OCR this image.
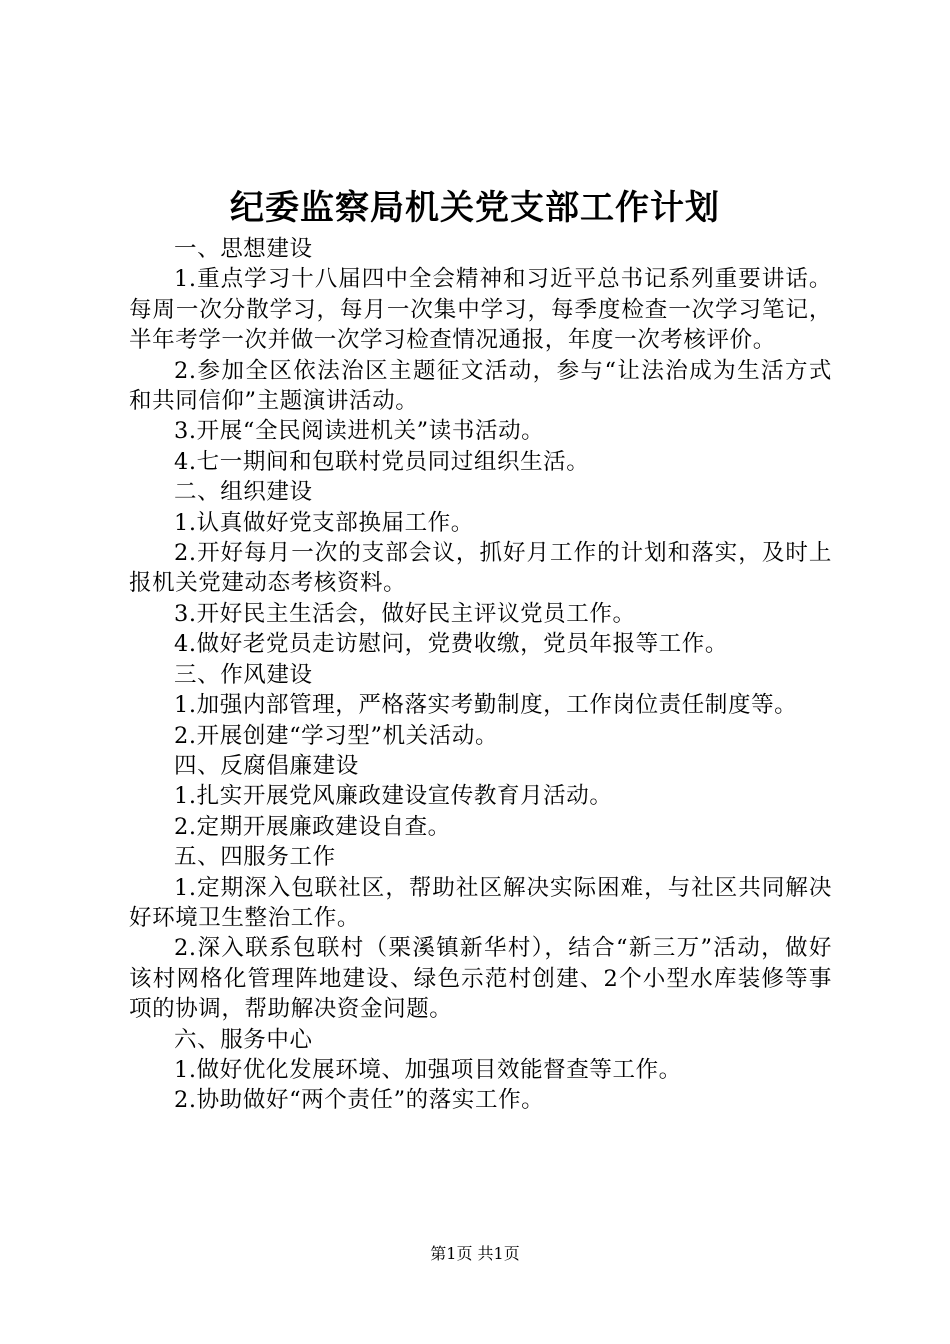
纪委监察局机关党支部工作计划

一、思想建设

1.重点学习十八届四中全会精神和习近平总书记系列重要讲话。每周一次分散学习，每月一次集中学习，每季度检查一次学习笔记，半年考学一次并做一次学习检查情况通报，年度一次考核评价。

2.参加全区依法治区主题征文活动，参与“让法治成为生活方式和共同信仰”主题演讲活动。

3.开展“全民阅读进机关”读书活动。

4.七一期间和包联村党员同过组织生活。

二、组织建设

1.认真做好党支部换届工作。

2.开好每月一次的支部会议，抓好月工作的计划和落实，及时上报机关党建动态考核资料。

3.开好民主生活会，做好民主评议党员工作。

4.做好老党员走访慰问，党费收缴，党员年报等工作。

三、作风建设

1.加强内部管理，严格落实考勤制度，工作岗位责任制度等。

2.开展创建“学习型”机关活动。

四、反腐倡廉建设

1.扎实开展党风廉政建设宣传教育月活动。

2.定期开展廉政建设自查。

五、四服务工作

1.定期深入包联社区，帮助社区解决实际困难，与社区共同解决好环境卫生整治工作。

2.深入联系包联村（栗溪镇新华村），结合“新三万”活动，做好该村网格化管理阵地建设、绿色示范村创建、2个小型水库装修等事项的协调，帮助解决资金问题。

六、服务中心

1.做好优化发展环境、加强项目效能督查等工作。

2.协助做好“两个责任”的落实工作。

第1页 共1页
